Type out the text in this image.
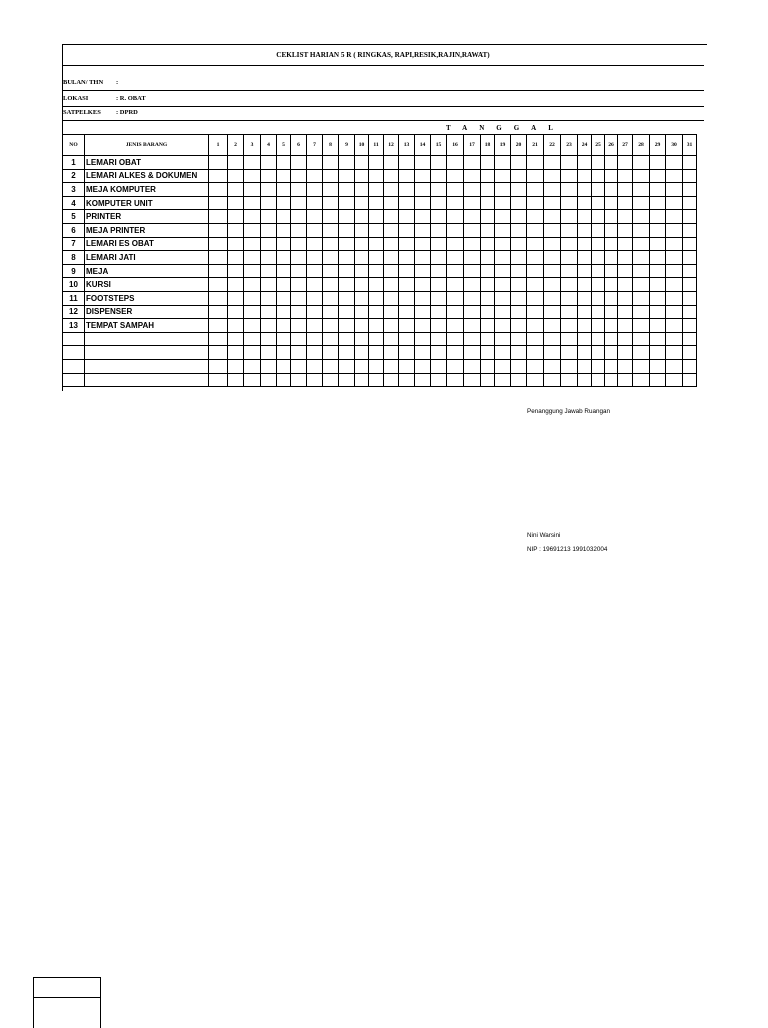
CEKLIST HARIAN 5 R ( RINGKAS, RAPI,RESIK,RAJIN,RAWAT)
BULAN/ THN :
LOKASI	: R. OBAT
SATPELKES : DPRD
TANGGAL
NO	JENIS BARANG	1	2	3	4	5	6	7	8	9	10	11	12	13	14	15	16	17	18	19	20	21	22	23	24	25	26	27	28	29	30	31
1	LEMARI OBAT																															
2	LEMARI ALKES & DOKUMEN																															
3	MEJA KOMPUTER																															
4	KOMPUTER UNIT																															
5	PRINTER																															
6	MEJA PRINTER																															
7	LEMARI ES OBAT																															
8	LEMARI JATI																															
9	MEJA																															
10	KURSI																															
11	FOOTSTEPS																															
12	DISPENSER																															
13	TEMPAT SAMPAH																															

Penanggung Jawab Ruangan
Nini Warsini
NIP : 19691213 1991032004
